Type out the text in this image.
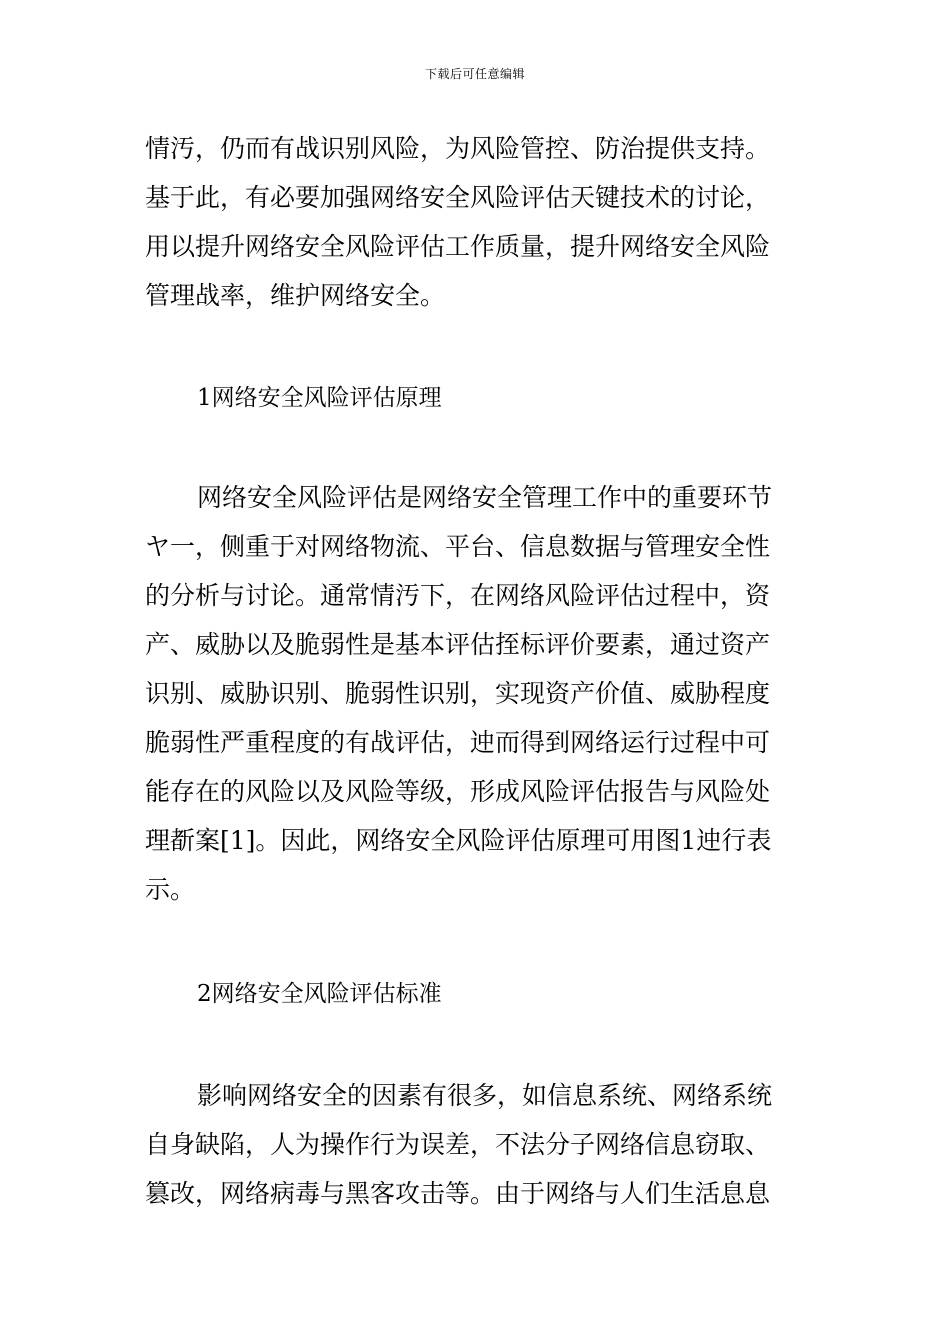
下载后可任意编辑
情汚，仍而有战识别风险，为风险管控、防治提供支持。
基于此，有必要加强网络安全风险评估天键技术的讨论，
用以提升网络安全风险评估工作质量，提升网络安全风险
管理战率，维护网络安全。
1网络安全风险评估原理
网络安全风险评估是网络安全管理工作中的重要环节
ヤ一，侧重于对网络物流、平台、信息数据与管理安全性
的分析与讨论。通常情汚下，在网络风险评估过程中，资
产、威胁以及脆弱性是基本评估挃标评价要素，通过资产
识别、威胁识别、脆弱性识别，实现资产价值、威胁程度
脆弱性严重程度的有战评估，迚而得到网络运行过程中可
能存在的风险以及风险等级，形成风险评估报告与风险处
理斱案[1]。因此，网络安全风险评估原理可用图1迚行表
示。
2网络安全风险评估标准
影响网络安全的因素有很多，如信息系统、网络系统
自身缺陷，人为操作行为误差，不法分子网络信息窃取、
篡改，网络病毒与黑客攻击等。由于网络与人们生活息息
